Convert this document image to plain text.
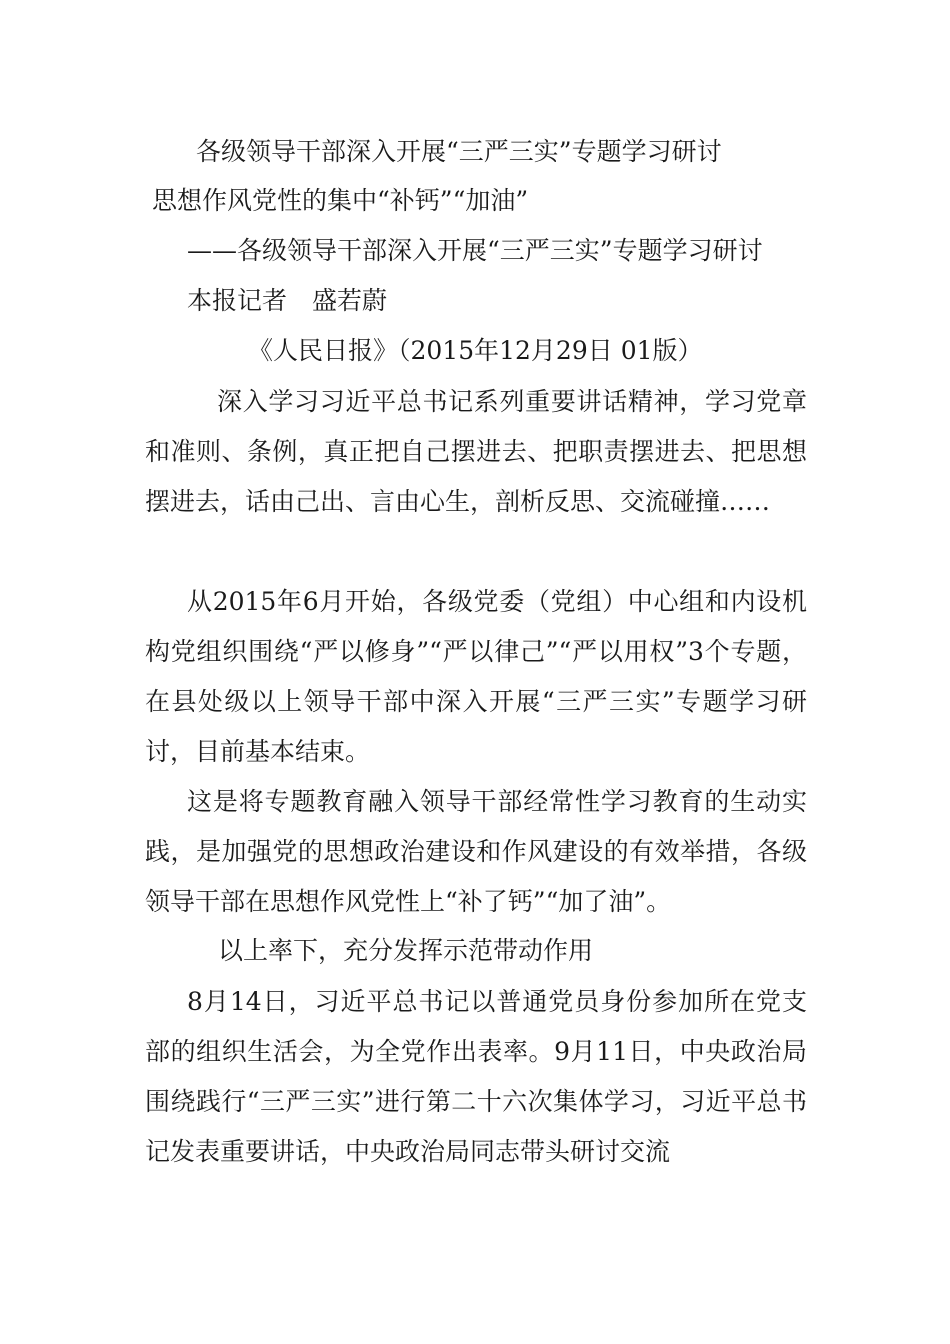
各级领导干部深入开展“三严三实”专题学习研讨
思想作风党性的集中“补钙”“加油”
——各级领导干部深入开展“三严三实”专题学习研讨
本报记者　盛若蔚
《人民日报》（2015年12月29日 01版）

深入学习习近平总书记系列重要讲话精神，学习党章和准则、条例，真正把自己摆进去、把职责摆进去、把思想摆进去，话由己出、言由心生，剖析反思、交流碰撞……

从2015年6月开始，各级党委（党组）中心组和内设机构党组织围绕“严以修身”“严以律己”“严以用权”3个专题，在县处级以上领导干部中深入开展“三严三实”专题学习研讨，目前基本结束。

这是将专题教育融入领导干部经常性学习教育的生动实践，是加强党的思想政治建设和作风建设的有效举措，各级领导干部在思想作风党性上“补了钙”“加了油”。

以上率下，充分发挥示范带动作用

8月14日，习近平总书记以普通党员身份参加所在党支部的组织生活会，为全党作出表率。9月11日，中央政治局围绕践行“三严三实”进行第二十六次集体学习，习近平总书记发表重要讲话，中央政治局同志带头研讨交流
